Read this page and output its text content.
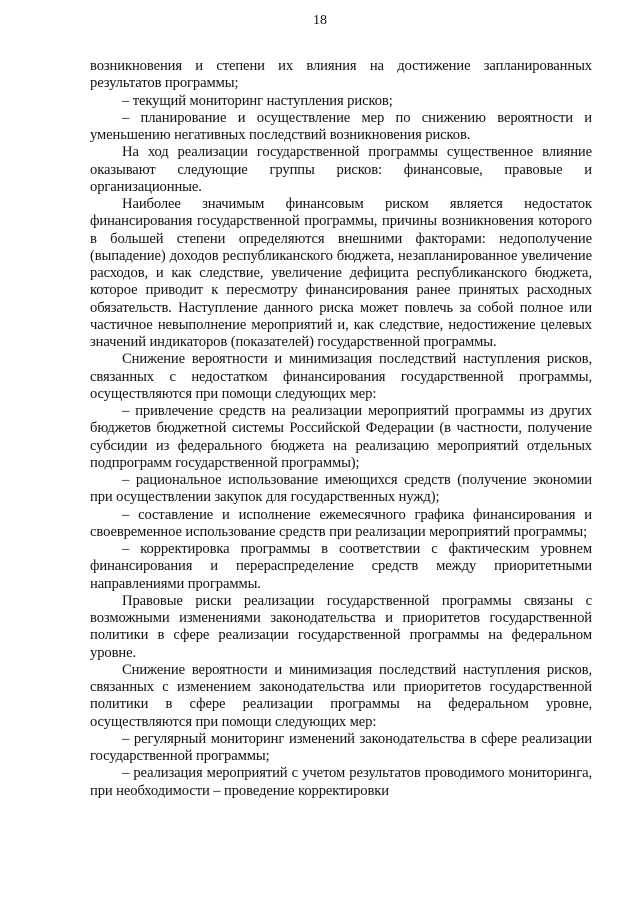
18

возникновения и степени их влияния на достижение запланированных результатов программы;

– текущий мониторинг наступления рисков;

– планирование и осуществление мер по снижению вероятности и уменьшению негативных последствий возникновения рисков.

На ход реализации государственной программы существенное влияние оказывают следующие группы рисков: финансовые, правовые и организационные.

Наиболее значимым финансовым риском является недостаток финансирования государственной программы, причины возникновения которого в большей степени определяются внешними факторами: недополучение (выпадение) доходов республиканского бюджета, незапланированное увеличение расходов, и как следствие, увеличение дефицита республиканского бюджета, которое приводит к пересмотру финансирования ранее принятых расходных обязательств. Наступление данного риска может повлечь за собой полное или частичное невыполнение мероприятий и, как следствие, недостижение целевых значений индикаторов (показателей) государственной программы.

Снижение вероятности и минимизация последствий наступления рисков, связанных с недостатком финансирования государственной программы, осуществляются при помощи следующих мер:

– привлечение средств на реализации мероприятий программы из других бюджетов бюджетной системы Российской Федерации (в частности, получение субсидии из федерального бюджета на реализацию мероприятий отдельных подпрограмм государственной программы);

– рациональное использование имеющихся средств (получение экономии при осуществлении закупок для государственных нужд);

– составление и исполнение ежемесячного графика финансирования и своевременное использование средств при реализации мероприятий программы;

– корректировка программы в соответствии с фактическим уровнем финансирования и перераспределение средств между приоритетными направлениями программы.

Правовые риски реализации государственной программы связаны с возможными изменениями законодательства и приоритетов государственной политики в сфере реализации государственной программы на федеральном уровне.

Снижение вероятности и минимизация последствий наступления рисков, связанных с изменением законодательства или приоритетов государственной политики в сфере реализации программы на федеральном уровне, осуществляются при помощи следующих мер:

– регулярный мониторинг изменений законодательства в сфере реализации государственной программы;

– реализация мероприятий с учетом результатов проводимого мониторинга, при необходимости – проведение корректировки
